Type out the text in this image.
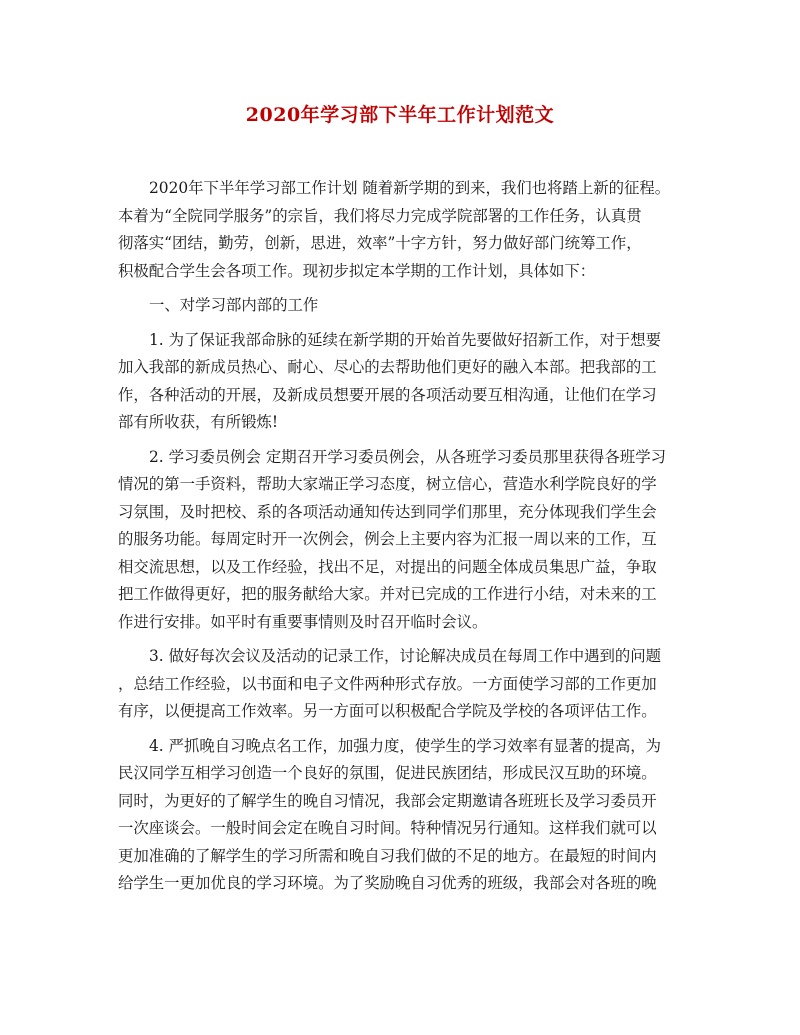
2020年学习部下半年工作计划范文

2020年下半年学习部工作计划 随着新学期的到来，我们也将踏上新的征程。
本着为“全院同学服务”的宗旨，我们将尽力完成学院部署的工作任务，认真贯
彻落实“团结，勤劳，创新，思进，效率”十字方针，努力做好部门统筹工作，
积极配合学生会各项工作。现初步拟定本学期的工作计划，具体如下：

一、对学习部内部的工作

1. 为了保证我部命脉的延续在新学期的开始首先要做好招新工作，对于想要
加入我部的新成员热心、耐心、尽心的去帮助他们更好的融入本部。把我部的工
作，各种活动的开展，及新成员想要开展的各项活动要互相沟通，让他们在学习
部有所收获，有所锻炼!

2. 学习委员例会 定期召开学习委员例会，从各班学习委员那里获得各班学习
情况的第一手资料，帮助大家端正学习态度，树立信心，营造水利学院良好的学
习氛围，及时把校、系的各项活动通知传达到同学们那里，充分体现我们学生会
的服务功能。每周定时开一次例会，例会上主要内容为汇报一周以来的工作，互
相交流思想，以及工作经验，找出不足，对提出的问题全体成员集思广益，争取
把工作做得更好，把的服务献给大家。并对已完成的工作进行小结，对未来的工
作进行安排。如平时有重要事情则及时召开临时会议。

3. 做好每次会议及活动的记录工作，讨论解决成员在每周工作中遇到的问题
，总结工作经验，以书面和电子文件两种形式存放。一方面使学习部的工作更加
有序，以便提高工作效率。另一方面可以积极配合学院及学校的各项评估工作。

4. 严抓晚自习晚点名工作，加强力度，使学生的学习效率有显著的提高，为
民汉同学互相学习创造一个良好的氛围，促进民族团结，形成民汉互助的环境。
同时，为更好的了解学生的晚自习情况，我部会定期邀请各班班长及学习委员开
一次座谈会。一般时间会定在晚自习时间。特种情况另行通知。这样我们就可以
更加准确的了解学生的学习所需和晚自习我们做的不足的地方。在最短的时间内
给学生一更加优良的学习环境。为了奖励晚自习优秀的班级，我部会对各班的晚
